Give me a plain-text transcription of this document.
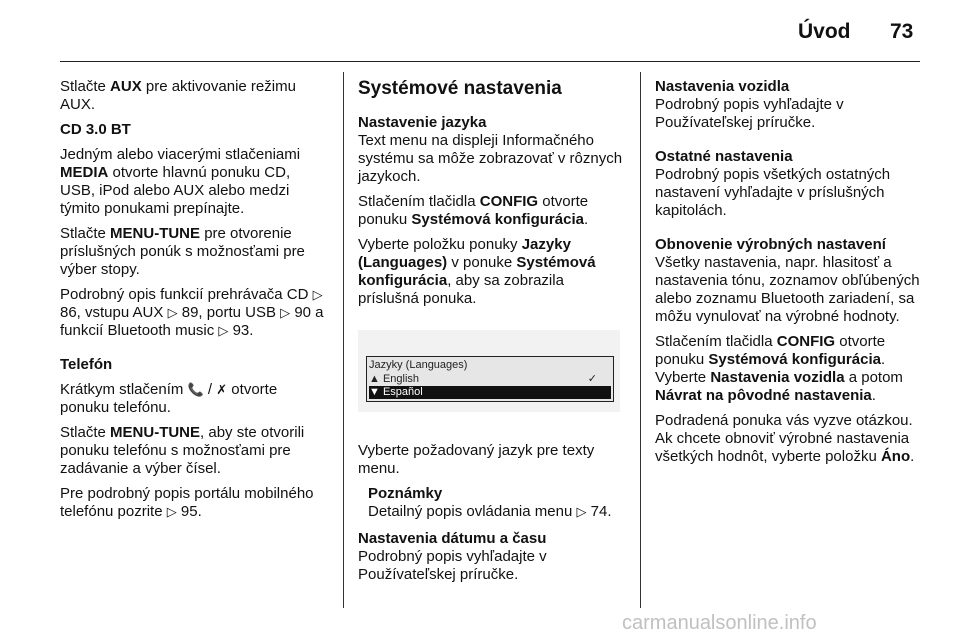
Úvod 73

Stlačte AUX pre aktivovanie režimu AUX.

CD 3.0 BT

Jedným alebo viacerými stlačeniami MEDIA otvorte hlavnú ponuku CD, USB, iPod alebo AUX alebo medzi týmito ponukami prepínajte.

Stlačte MENU-TUNE pre otvorenie príslušných ponúk s možnosťami pre výber stopy.

Podrobný opis funkcií prehrávača CD ▷ 86, vstupu AUX ▷ 89, portu USB ▷ 90 a funkcií Bluetooth music ▷ 93.

Telefón

Krátkym stlačením 📞 / ✗ otvorte ponuku telefónu.

Stlačte MENU-TUNE, aby ste otvorili ponuku telefónu s možnosťami pre zadávanie a výber čísel.

Pre podrobný popis portálu mobilného telefónu pozrite ▷ 95.

Systémové nastavenia

Nastavenie jazyka

Text menu na displeji Informačného systému sa môže zobrazovať v rôznych jazykoch.

Stlačením tlačidla CONFIG otvorte ponuku Systémová konfigurácia.

Vyberte položku ponuky Jazyky (Languages) v ponuke Systémová konfigurácia, aby sa zobrazila príslušná ponuka.

Jazyky (Languages)
▲ English	✓
▼ Español

Vyberte požadovaný jazyk pre texty menu.

Poznámky

Detailný popis ovládania menu ▷ 74.

Nastavenia dátumu a času

Podrobný popis vyhľadajte v Používateľskej príručke.

Nastavenia vozidla

Podrobný popis vyhľadajte v Používateľskej príručke.

Ostatné nastavenia

Podrobný popis všetkých ostatných nastavení vyhľadajte v príslušných kapitolách.

Obnovenie výrobných nastavení

Všetky nastavenia, napr. hlasitosť a nastavenia tónu, zoznamov obľúbených alebo zoznamu Bluetooth zariadení, sa môžu vynulovať na výrobné hodnoty.

Stlačením tlačidla CONFIG otvorte ponuku Systémová konfigurácia. Vyberte Nastavenia vozidla a potom Návrat na pôvodné nastavenia.

Podradená ponuka vás vyzve otázkou. Ak chcete obnoviť výrobné nastavenia všetkých hodnôt, vyberte položku Áno.

carmanualsonline.info
